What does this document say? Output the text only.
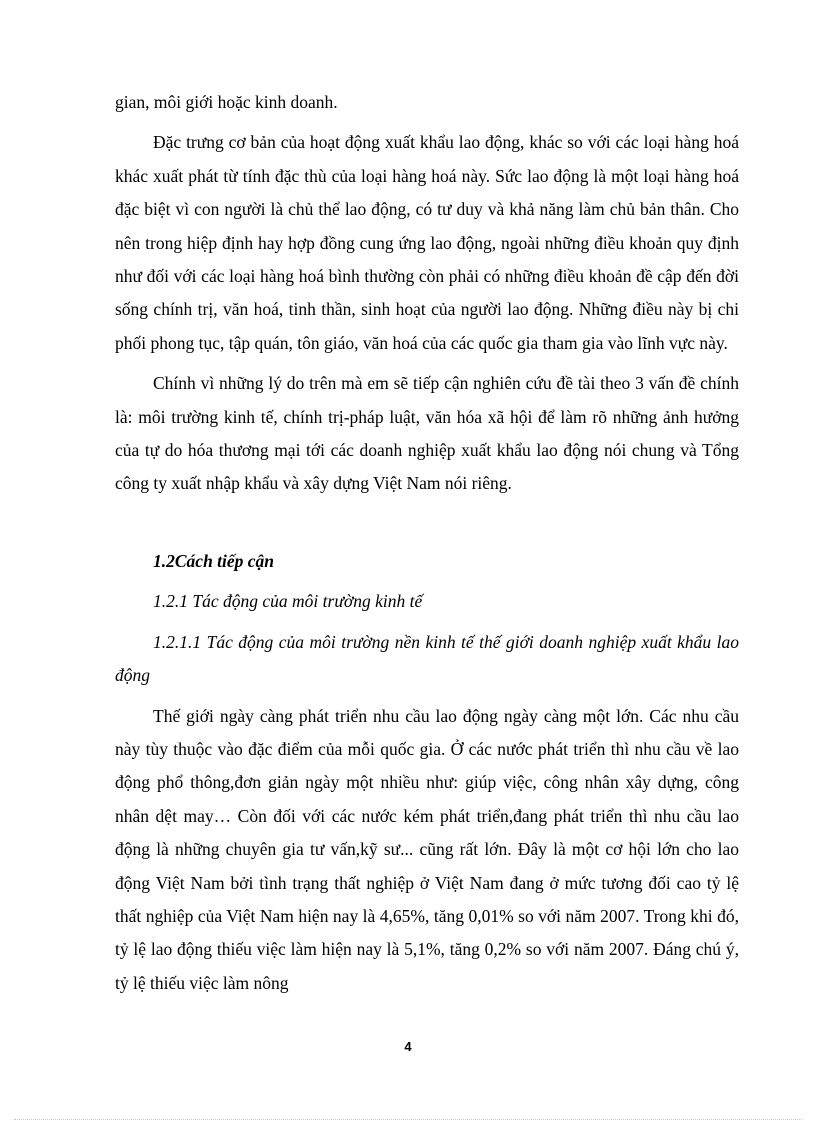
gian, môi giới hoặc kinh doanh.

Đặc trưng cơ bản của hoạt động xuất khẩu lao động, khác so với các loại hàng hoá khác xuất phát từ tính đặc thù của loại hàng hoá này. Sức lao động là một loại hàng hoá đặc biệt vì con người là chủ thể lao động, có tư duy và khả năng làm chủ bản thân. Cho nên trong hiệp định hay hợp đồng cung ứng lao động, ngoài những điều khoản quy định như đối với các loại hàng hoá bình thường còn phải có những điều khoản đề cập đến đời sống chính trị, văn hoá, tinh thần, sinh hoạt của người lao động. Những điều này bị chi phối phong tục, tập quán, tôn giáo, văn hoá của các quốc gia tham gia vào lĩnh vực này.

Chính vì những lý do trên mà em sẽ tiếp cận nghiên cứu đề tài theo 3 vấn đề chính là: môi trường kinh tế, chính trị-pháp luật, văn hóa xã hội để làm rõ những ảnh hưởng của tự do hóa thương mại tới các doanh nghiệp xuất khẩu lao động nói chung và Tổng công ty xuất nhập khẩu và xây dựng Việt Nam nói riêng.

1.2Cách tiếp cận
1.2.1 Tác động của môi trường kinh tế
1.2.1.1 Tác động của môi trường nền kinh tế thế giới doanh nghiệp xuất khẩu lao động

Thế giới ngày càng phát triển nhu cầu lao động ngày càng một lớn. Các nhu cầu này tùy thuộc vào đặc điểm của mỗi quốc gia. Ở các nước phát triển thì nhu cầu về lao động phổ thông,đơn giản ngày một nhiều như: giúp việc, công nhân xây dựng, công nhân dệt may… Còn đối với các nước kém phát triển,đang phát triển thì nhu cầu lao động là những chuyên gia tư vấn,kỹ sư... cũng rất lớn. Đây là một cơ hội lớn cho lao động Việt Nam bởi tình trạng thất nghiệp ở Việt Nam đang ở mức tương đối cao tỷ lệ thất nghiệp của Việt Nam hiện nay là 4,65%, tăng 0,01% so với năm 2007. Trong khi đó, tỷ lệ lao động thiếu việc làm hiện nay là 5,1%, tăng 0,2% so với năm 2007. Đáng chú ý, tỷ lệ thiếu việc làm nông

4
